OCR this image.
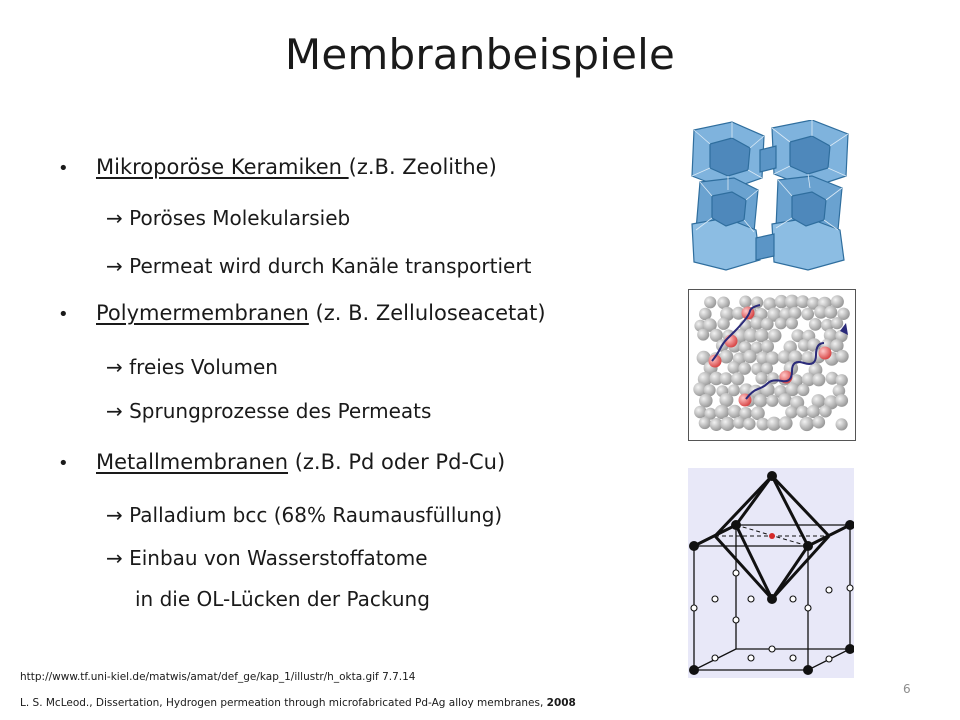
Membranbeispiele
• Mikroporöse Keramiken (z.B. Zeolithe)
→ Poröses Molekularsieb
→ Permeat wird durch Kanäle transportiert
• Polymermembranen (z. B. Zelluloseacetat)
→ freies Volumen
→ Sprungprozesse des Permeats
• Metallmembranen (z.B. Pd oder Pd-Cu)
→ Palladium bcc (68% Raumausfüllung)
→ Einbau von Wasserstoffatome
in die OL-Lücken der Packung
http://www.tf.uni-kiel.de/matwis/amat/def_ge/kap_1/illustr/h_okta.gif 7.7.14
L. S. McLeod., Dissertation, Hydrogen permeation through microfabricated Pd-Ag alloy membranes, 2008
6
